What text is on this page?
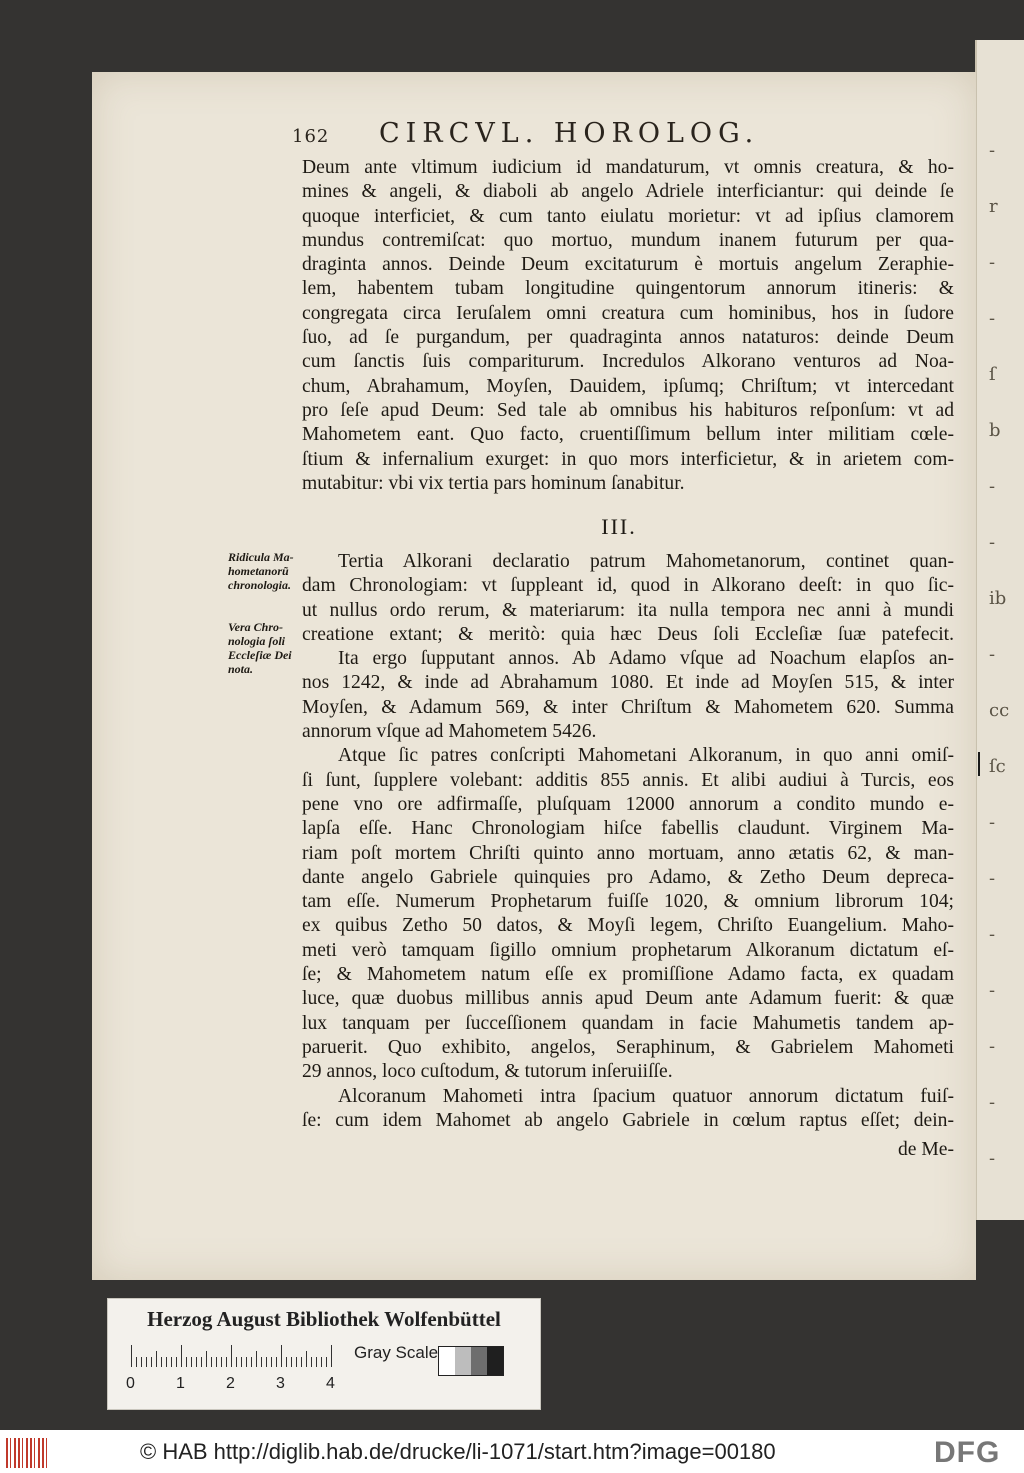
-
r
-
-
ſ
b
-
-
ib
-
cc
ſc
-
-
-
-
-
-
-
162 CIRCVL. HOROLOG.
Deum ante vltimum iudicium id mandaturum, vt omnis creatura, & ho-
mines & angeli, & diaboli ab angelo Adriele interficiantur: qui deinde ſe
quoque interficiet, & cum tanto eiulatu morietur: vt ad ipſius clamorem
mundus contremiſcat: quo mortuo, mundum inanem futurum per qua-
draginta annos. Deinde Deum excitaturum è mortuis angelum Zeraphie-
lem, habentem tubam longitudine quingentorum annorum itineris: &
congregata circa Ieruſalem omni creatura cum hominibus, hos in ſudore
ſuo, ad ſe purgandum, per quadraginta annos nataturos: deinde Deum
cum ſanctis ſuis compariturum. Incredulos Alkorano venturos ad Noa-
chum, Abrahamum, Moyſen, Dauidem, ipſumq; Chriſtum; vt intercedant
pro ſeſe apud Deum: Sed tale ab omnibus his habituros reſponſum: vt ad
Mahometem eant. Quo facto, cruentiſſimum bellum inter militiam cœle-
ſtium & infernalium exurget: in quo mors interficietur, & in arietem com-
mutabitur: vbi vix tertia pars hominum ſanabitur.
III.
Ridicula Ma-
hometanorũ
chronologia.
Vera Chro-
nologia ſoli
Eccleſiæ Dei
nota.
Tertia Alkorani declaratio patrum Mahometanorum, continet quan-
dam Chronologiam: vt ſuppleant id, quod in Alkorano deeſt: in quo ſic-
ut nullus ordo rerum, & materiarum: ita nulla tempora nec anni à mundi
creatione extant; & meritò: quia hæc Deus ſoli Eccleſiæ ſuæ patefecit.
Ita ergo ſupputant annos. Ab Adamo vſque ad Noachum elapſos an-
nos 1242, & inde ad Abrahamum 1080. Et inde ad Moyſen 515, & inter
Moyſen, & Adamum 569, & inter Chriſtum & Mahometem 620. Summa
annorum vſque ad Mahometem 5426.
Atque ſic patres conſcripti Mahometani Alkoranum, in quo anni omiſ-
ſi ſunt, ſupplere volebant: additis 855 annis. Et alibi audiui à Turcis, eos
pene vno ore adfirmaſſe, pluſquam 12000 annorum a condito mundo e-
lapſa eſſe. Hanc Chronologiam hiſce fabellis claudunt. Virginem Ma-
riam poſt mortem Chriſti quinto anno mortuam, anno ætatis 62, & man-
dante angelo Gabriele quinquies pro Adamo, & Zetho Deum depreca-
tam eſſe. Numerum Prophetarum fuiſſe 1020, & omnium librorum 104;
ex quibus Zetho 50 datos, & Moyſi legem, Chriſto Euangelium. Maho-
meti verò tamquam ſigillo omnium prophetarum Alkoranum dictatum eſ-
ſe; & Mahometem natum eſſe ex promiſſione Adamo facta, ex quadam
luce, quæ duobus millibus annis apud Deum ante Adamum fuerit: & quæ
lux tanquam per ſucceſſionem quandam in facie Mahumetis tandem ap-
paruerit. Quo exhibito, angelos, Seraphinum, & Gabrielem Mahometi
29 annos, loco cuſtodum, & tutorum inſeruiiſſe.
Alcoranum Mahometi intra ſpacium quatuor annorum dictatum fuiſ-
ſe: cum idem Mahomet ab angelo Gabriele in cœlum raptus eſſet; dein-
de Me-
Herzog August Bibliothek Wolfenbüttel
0	1	2	3	4
Gray Scale
© HAB http://diglib.hab.de/drucke/li-1071/start.htm?image=00180	DFG
